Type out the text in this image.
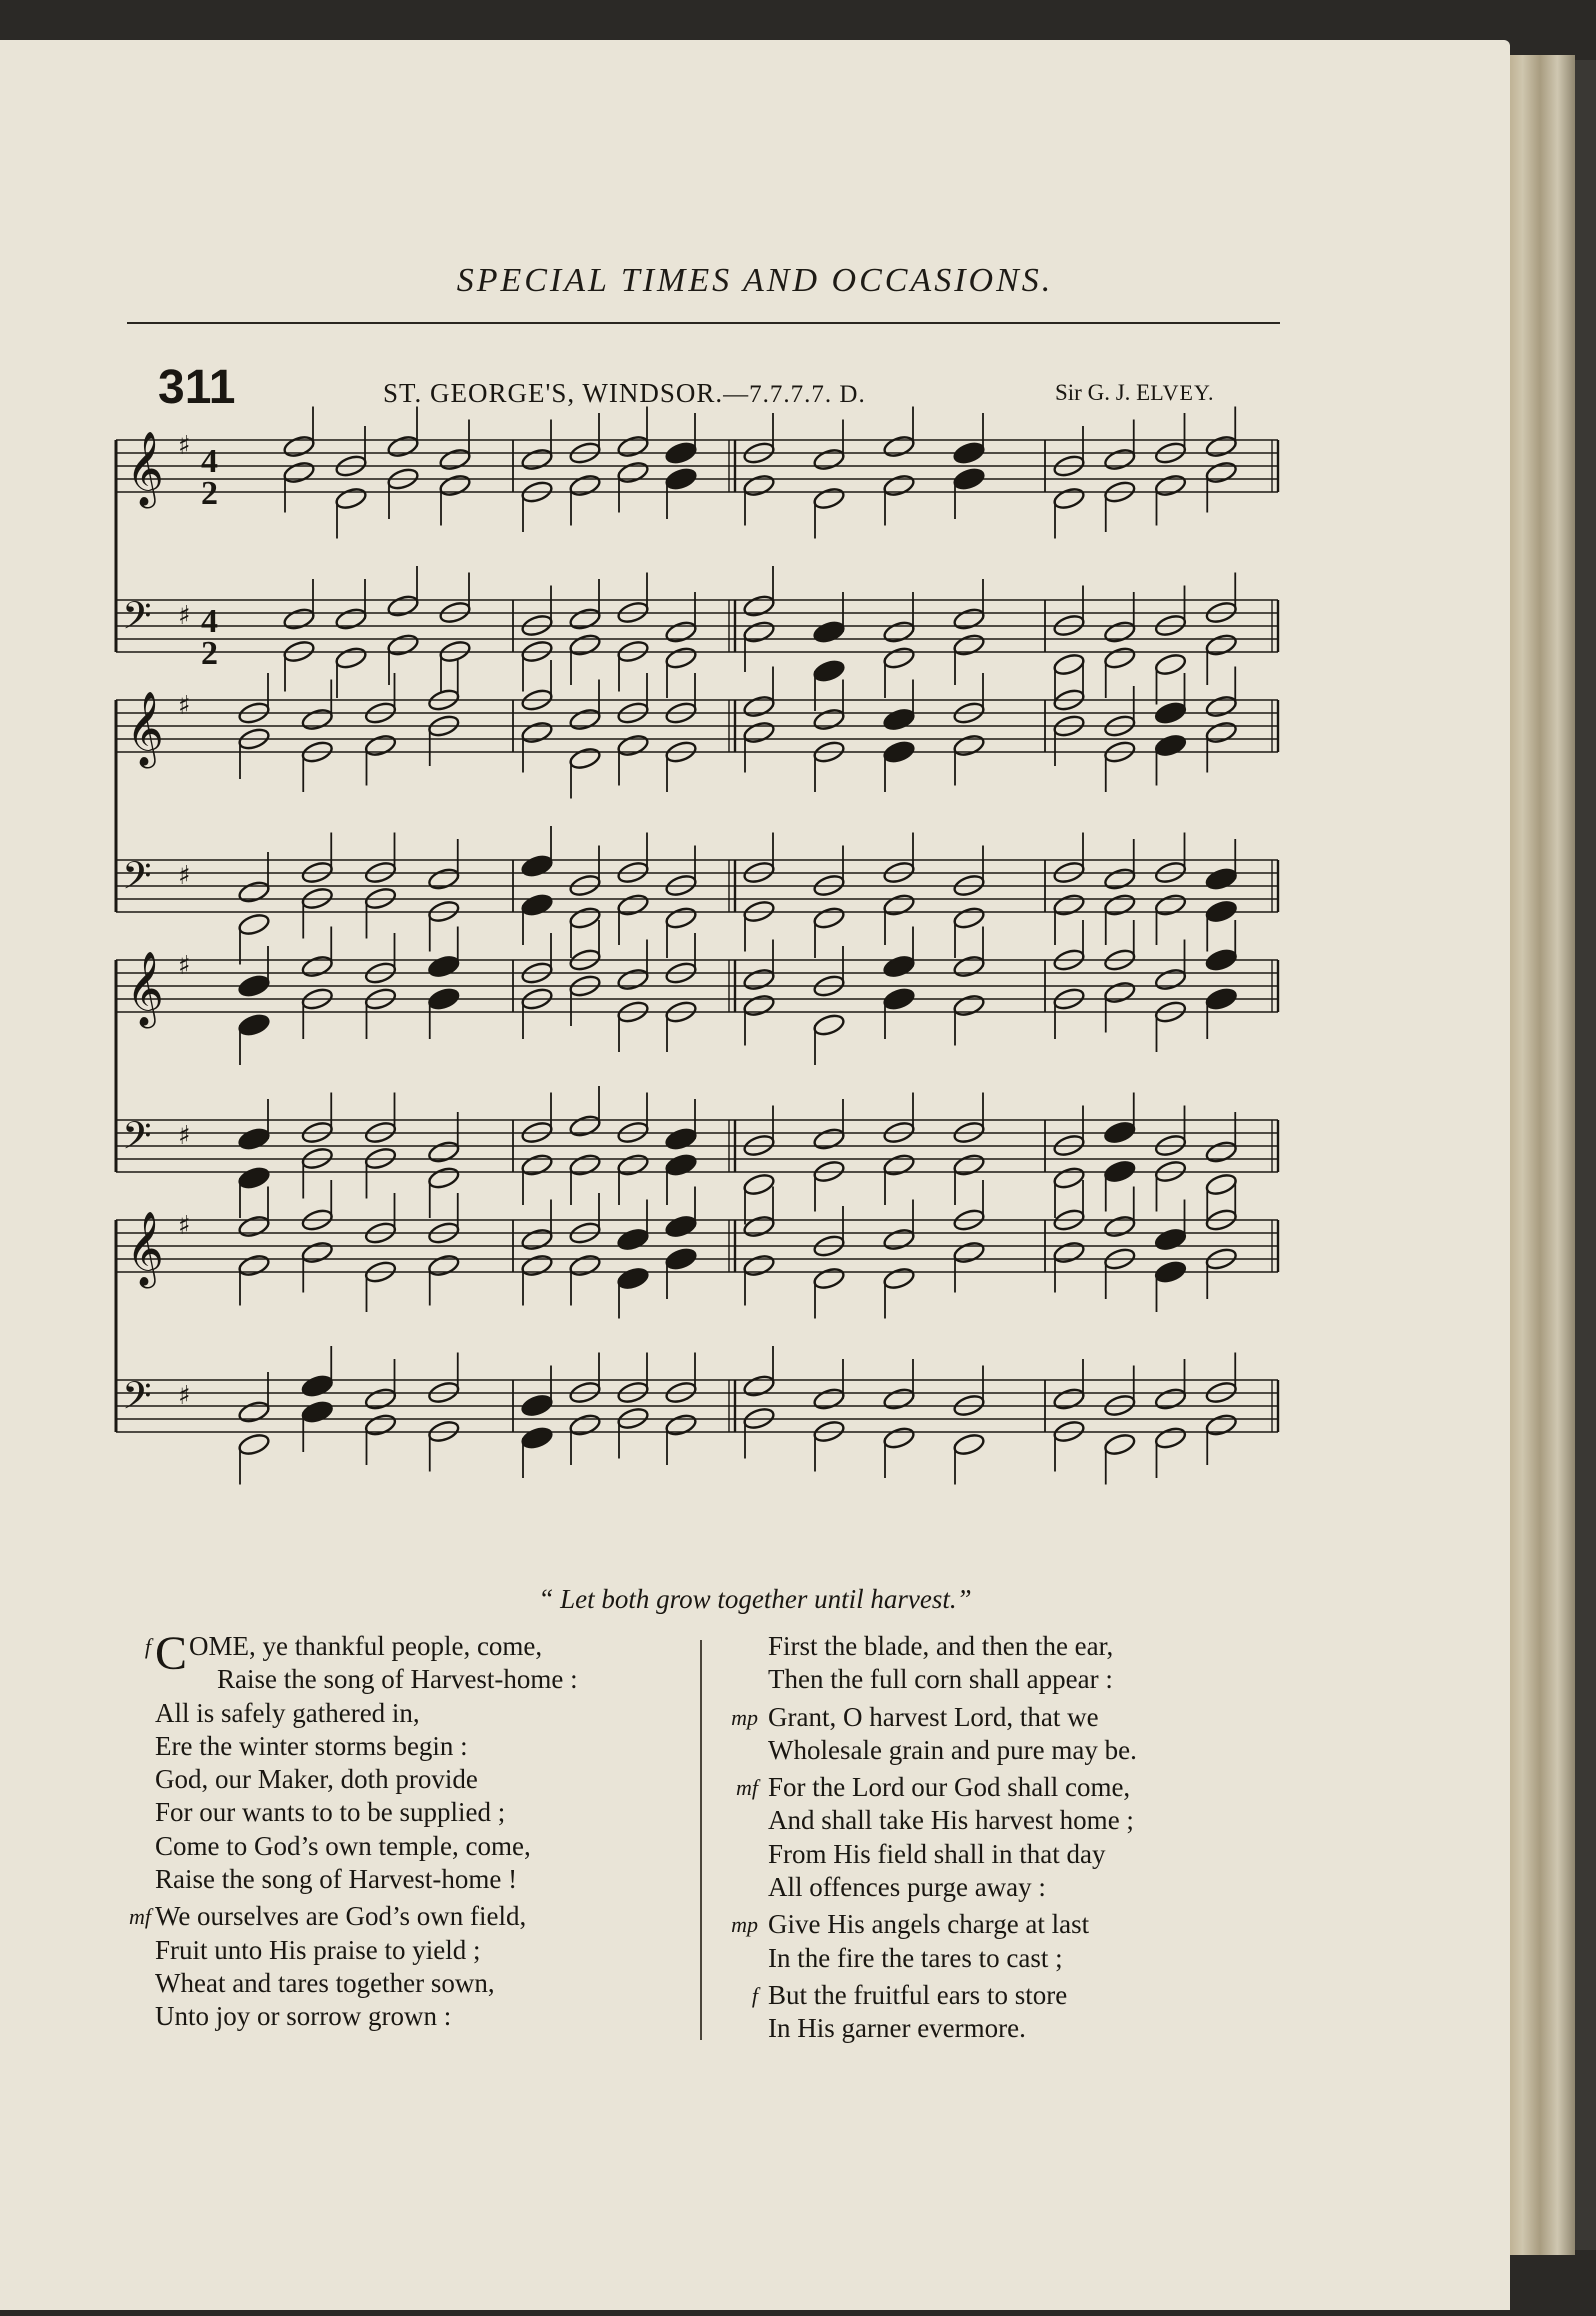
SPECIAL TIMES AND OCCASIONS.
311	ST. GEORGE'S, WINDSOR.—7.7.7.7. D.	Sir G. J. ELVEY.
𝄞 ♯
𝄢 ♯
𝄞 ♯
𝄢 ♯
𝄞 ♯
𝄢 ♯
𝄞 ♯
𝄢 ♯
4
2
4
2
“ Let both grow together until harvest.”
f COME, ye thankful people, come,
Raise the song of Harvest-home :
All is safely gathered in,
Ere the winter storms begin :
God, our Maker, doth provide
For our wants to to be supplied ;
Come to God’s own temple, come,
Raise the song of Harvest-home !
mf We ourselves are God’s own field,
Fruit unto His praise to yield ;
Wheat and tares together sown,
Unto joy or sorrow grown :
First the blade, and then the ear,
Then the full corn shall appear :
mp Grant, O harvest Lord, that we
Wholesale grain and pure may be.
mf For the Lord our God shall come,
And shall take His harvest home ;
From His field shall in that day
All offences purge away :
mp Give His angels charge at last
In the fire the tares to cast ;
f But the fruitful ears to store
In His garner evermore.
